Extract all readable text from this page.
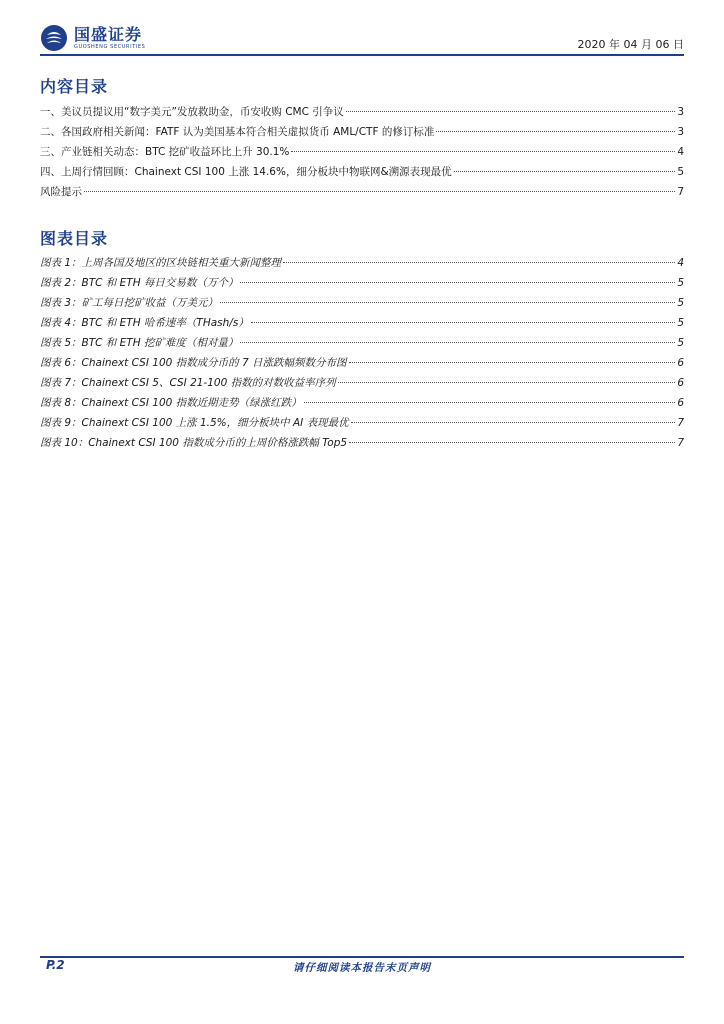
国盛证券
GUOSHENG SECURITIES	2020 年 04 月 06 日
内容目录
一、美议员提议用“数字美元”发放救助金，币安收购 CMC 引争议	3
二、各国政府相关新闻：FATF 认为美国基本符合相关虚拟货币 AML/CTF 的修订标准	3
三、产业链相关动态：BTC 挖矿收益环比上升 30.1%	4
四、上周行情回顾：Chainext CSI 100 上涨 14.6%，细分板块中物联网&溯源表现最优	5
风险提示	7
图表目录
图表 1：上周各国及地区的区块链相关重大新闻整理	4
图表 2：BTC 和 ETH 每日交易数（万个）	5
图表 3：矿工每日挖矿收益（万美元）	5
图表 4：BTC 和 ETH 哈希速率（THash/s）	5
图表 5：BTC 和 ETH 挖矿难度（相对量）	5
图表 6：Chainext CSI 100 指数成分币的 7 日涨跌幅频数分布图	6
图表 7：Chainext CSI 5、CSI 21-100 指数的对数收益率序列	6
图表 8：Chainext CSI 100 指数近期走势（绿涨红跌）	6
图表 9：Chainext CSI 100 上涨 1.5%，细分板块中 AI 表现最优	7
图表 10：Chainext CSI 100 指数成分币的上周价格涨跌幅 Top5	7
P.2	请仔细阅读本报告末页声明
